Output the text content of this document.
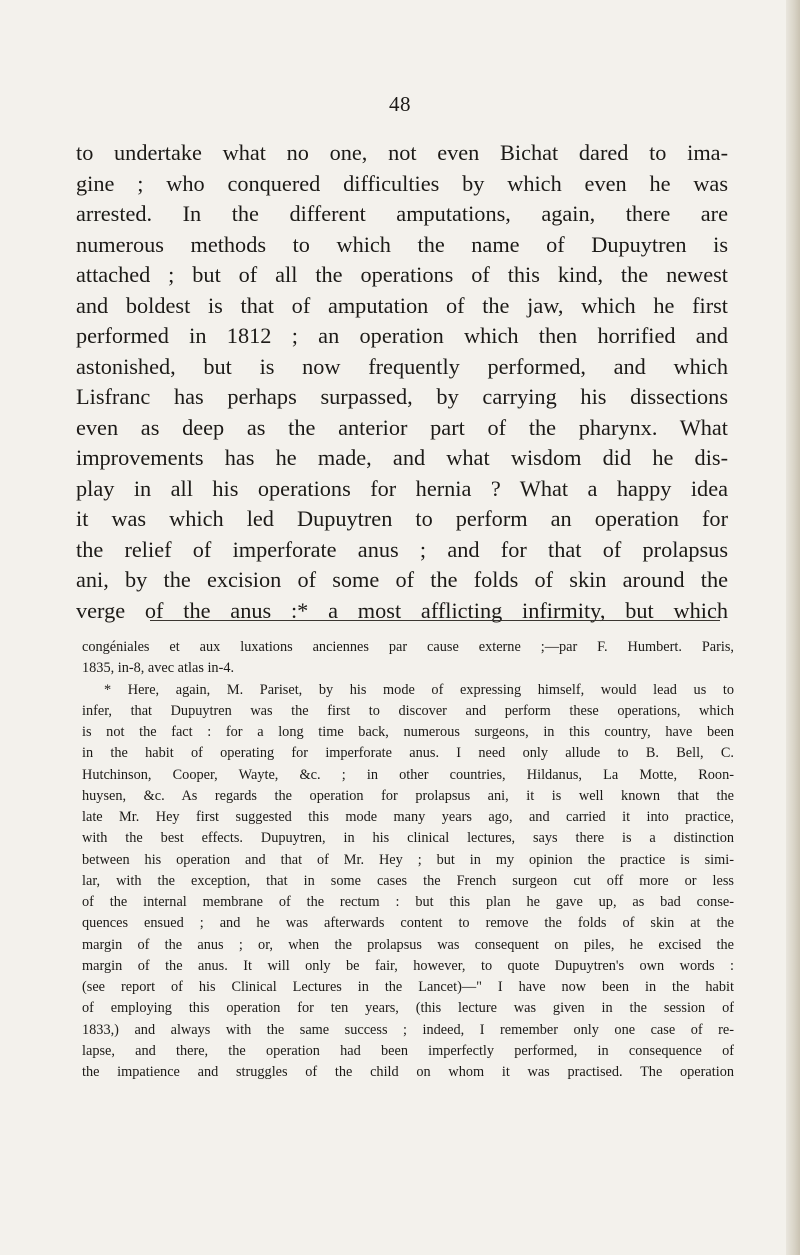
48
to undertake what no one, not even Bichat dared to ima-
gine ; who conquered difficulties by which even he was
arrested. In the different amputations, again, there are
numerous methods to which the name of Dupuytren is
attached ; but of all the operations of this kind, the newest
and boldest is that of amputation of the jaw, which he first
performed in 1812 ; an operation which then horrified and
astonished, but is now frequently performed, and which
Lisfranc has perhaps surpassed, by carrying his dissections
even as deep as the anterior part of the pharynx. What
improvements has he made, and what wisdom did he dis-
play in all his operations for hernia ? What a happy idea
it was which led Dupuytren to perform an operation for
the relief of imperforate anus ; and for that of prolapsus
ani, by the excision of some of the folds of skin around the
verge of the anus :* a most afflicting infirmity, but which
congéniales et aux luxations anciennes par cause externe ;—par F. Humbert. Paris,
1835, in-8, avec atlas in-4.
* Here, again, M. Pariset, by his mode of expressing himself, would lead us to
infer, that Dupuytren was the first to discover and perform these operations, which
is not the fact : for a long time back, numerous surgeons, in this country, have been
in the habit of operating for imperforate anus. I need only allude to B. Bell, C.
Hutchinson, Cooper, Wayte, &c. ; in other countries, Hildanus, La Motte, Roon-
huysen, &c. As regards the operation for prolapsus ani, it is well known that the
late Mr. Hey first suggested this mode many years ago, and carried it into practice,
with the best effects. Dupuytren, in his clinical lectures, says there is a distinction
between his operation and that of Mr. Hey ; but in my opinion the practice is simi-
lar, with the exception, that in some cases the French surgeon cut off more or less
of the internal membrane of the rectum : but this plan he gave up, as bad conse-
quences ensued ; and he was afterwards content to remove the folds of skin at the
margin of the anus ; or, when the prolapsus was consequent on piles, he excised the
margin of the anus. It will only be fair, however, to quote Dupuytren's own words :
(see report of his Clinical Lectures in the Lancet)—" I have now been in the habit
of employing this operation for ten years, (this lecture was given in the session of
1833,) and always with the same success ; indeed, I remember only one case of re-
lapse, and there, the operation had been imperfectly performed, in consequence of
the impatience and struggles of the child on whom it was practised. The operation
